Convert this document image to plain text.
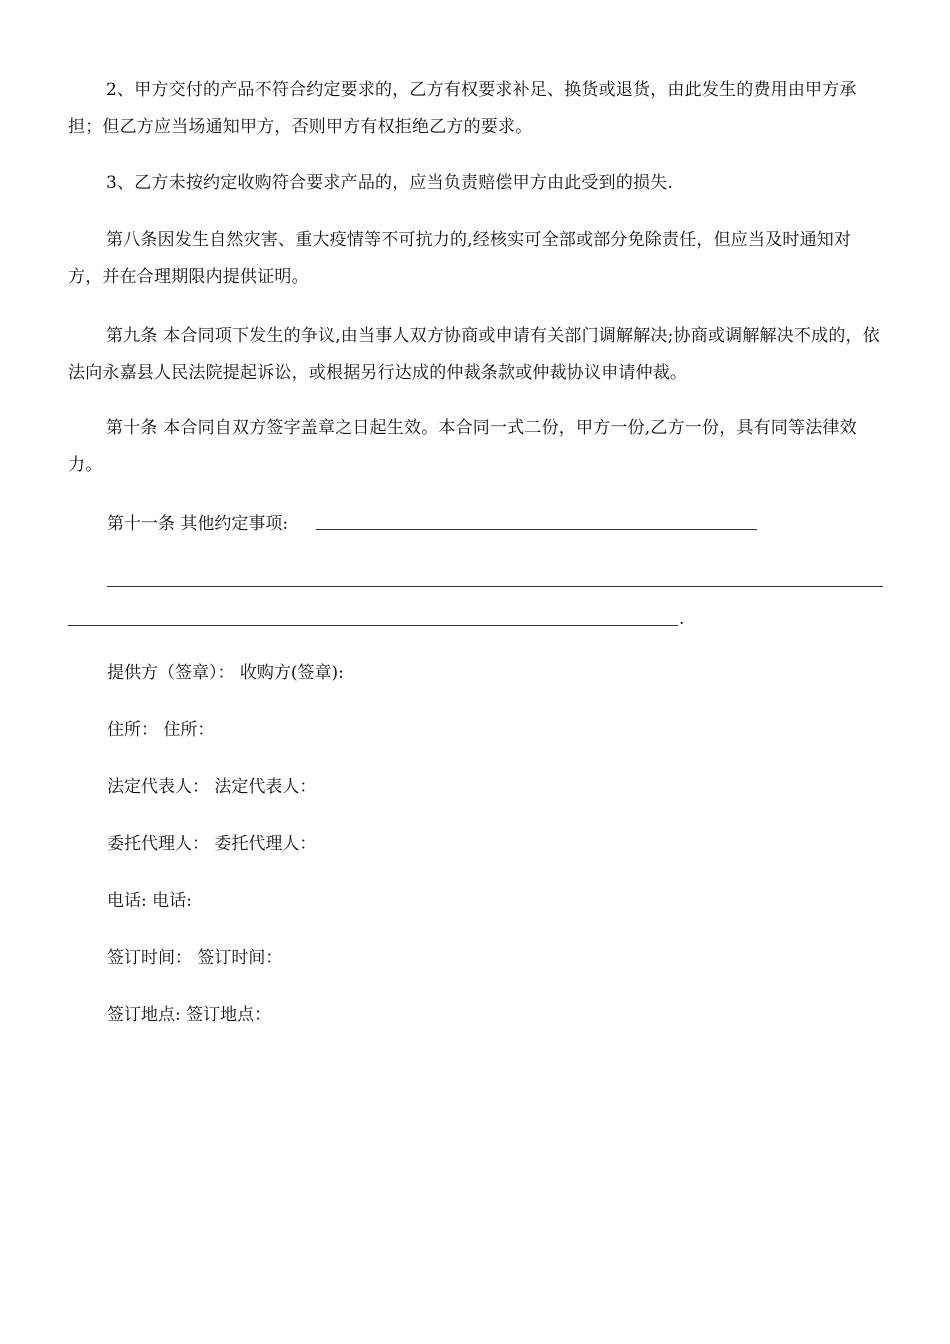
2、甲方交付的产品不符合约定要求的，乙方有权要求补足、换货或退货，由此发生的费用由甲方承担；但乙方应当场通知甲方，否则甲方有权拒绝乙方的要求。

3、乙方未按约定收购符合要求产品的，应当负责赔偿甲方由此受到的损失.

第八条因发生自然灾害、重大疫情等不可抗力的,经核实可全部或部分免除责任，但应当及时通知对方，并在合理期限内提供证明。

第九条 本合同项下发生的争议,由当事人双方协商或申请有关部门调解解决;协商或调解解决不成的，依法向永嘉县人民法院提起诉讼，或根据另行达成的仲裁条款或仲裁协议申请仲裁。

第十条 本合同自双方签字盖章之日起生效。本合同一式二份，甲方一份,乙方一份，具有同等法律效力。

第十一条 其他约定事项:

.

提供方（签章）： 收购方(签章):

住所： 住所：

法定代表人： 法定代表人：

委托代理人： 委托代理人：

电话: 电话:

签订时间： 签订时间：

签订地点: 签订地点：
